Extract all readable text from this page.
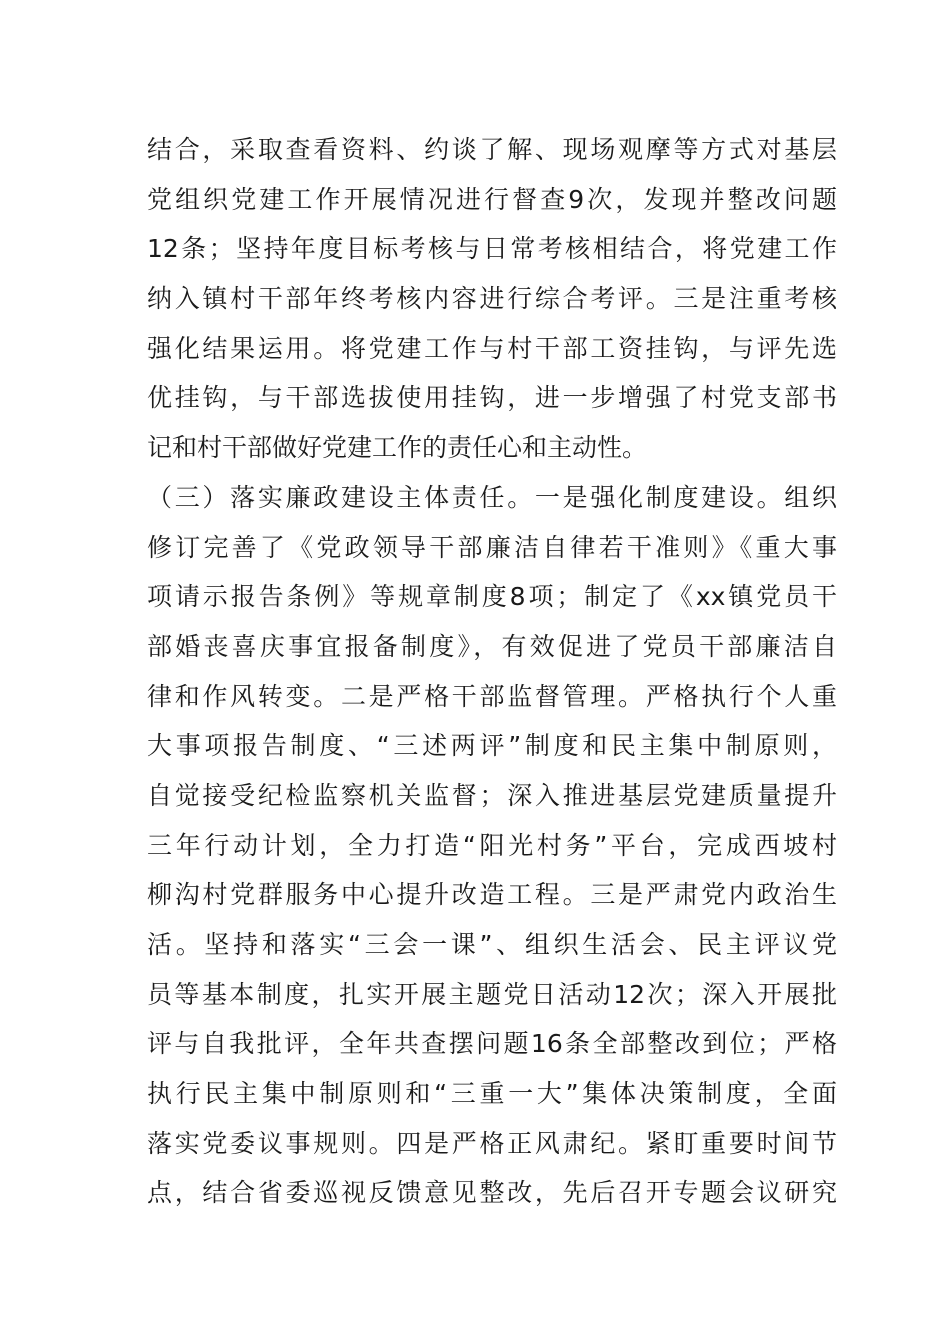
结合，采取查看资料、约谈了解、现场观摩等方式对基层
党组织党建工作开展情况进行督查9次，发现并整改问题
12条；坚持年度目标考核与日常考核相结合，将党建工作
纳入镇村干部年终考核内容进行综合考评。三是注重考核
强化结果运用。将党建工作与村干部工资挂钩，与评先选
优挂钩，与干部选拔使用挂钩，进一步增强了村党支部书
记和村干部做好党建工作的责任心和主动性。
（三）落实廉政建设主体责任。一是强化制度建设。组织
修订完善了《党政领导干部廉洁自律若干准则》《重大事
项请示报告条例》等规章制度8项；制定了《xx镇党员干
部婚丧喜庆事宜报备制度》，有效促进了党员干部廉洁自
律和作风转变。二是严格干部监督管理。严格执行个人重
大事项报告制度、“三述两评”制度和民主集中制原则，
自觉接受纪检监察机关监督；深入推进基层党建质量提升
三年行动计划，全力打造“阳光村务”平台，完成西坡村
柳沟村党群服务中心提升改造工程。三是严肃党内政治生
活。坚持和落实“三会一课”、组织生活会、民主评议党
员等基本制度，扎实开展主题党日活动12次；深入开展批
评与自我批评，全年共查摆问题16条全部整改到位；严格
执行民主集中制原则和“三重一大”集体决策制度，全面
落实党委议事规则。四是严格正风肃纪。紧盯重要时间节
点，结合省委巡视反馈意见整改，先后召开专题会议研究
